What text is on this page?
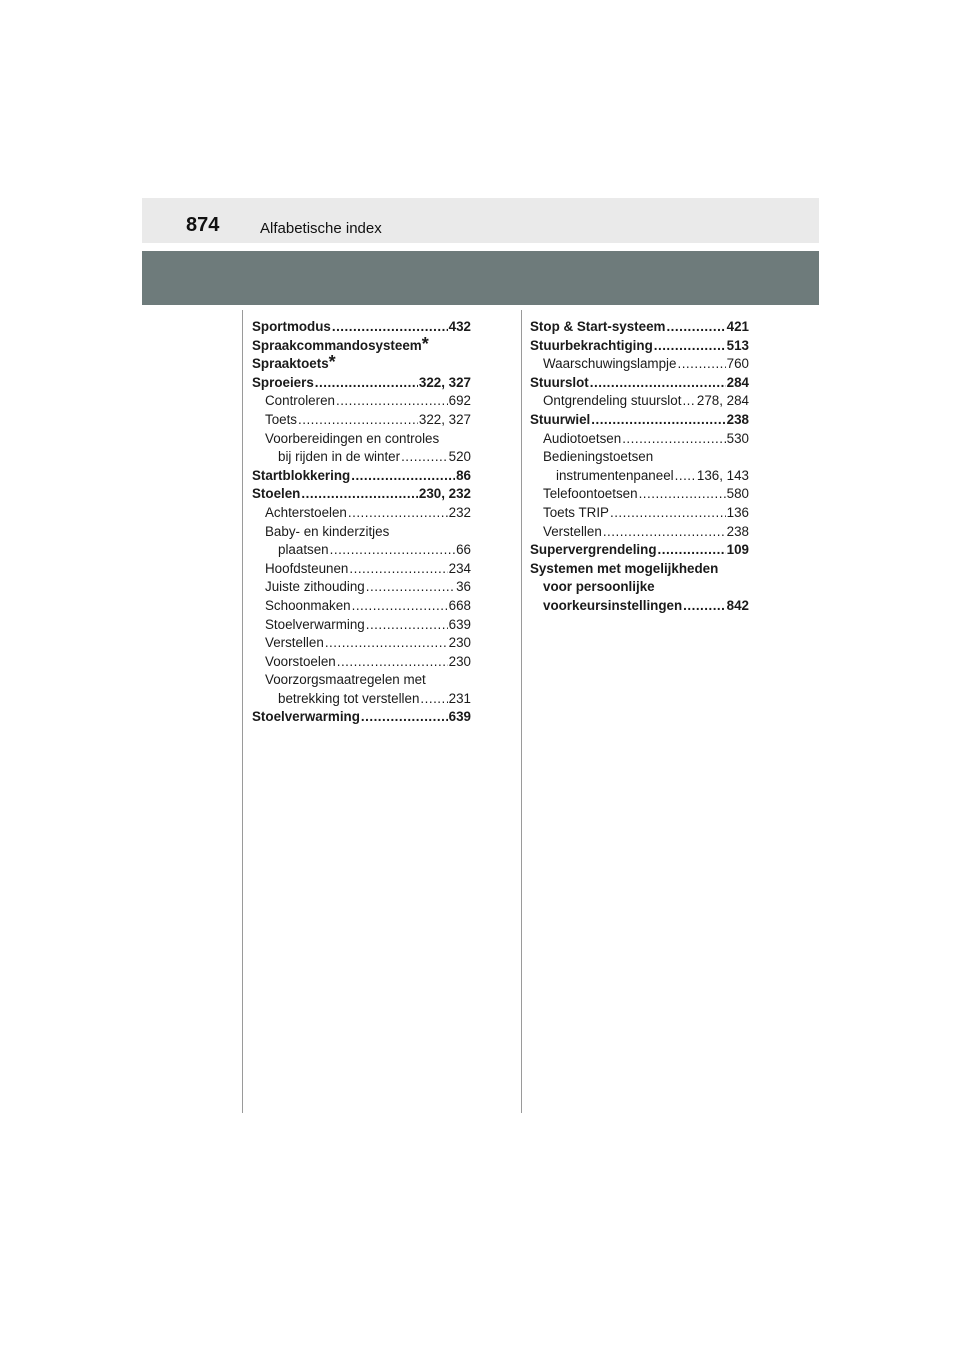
874	Alfabetische index
Sportmodus .....	432
Spraakcommandosysteem *
Spraaktoets *
Sproeiers .....	322, 327
Controleren .....	692
Toets .....	322, 327
Voorbereidingen en controles
bij rijden in de winter .....	520
Startblokkering .....	86
Stoelen .....	230, 232
Achterstoelen .....	232
Baby- en kinderzitjes
plaatsen .....	66
Hoofdsteunen .....	234
Juiste zithouding .....	36
Schoonmaken .....	668
Stoelverwarming .....	639
Verstellen .....	230
Voorstoelen .....	230
Voorzorgsmaatregelen met
betrekking tot verstellen ..... 231
Stoelverwarming .....	639
Stop & Start-systeem .....	421
Stuurbekrachtiging .....	513
Waarschuwingslampje .....	760
Stuurslot .....	284
Ontgrendeling stuurslot ..... 278, 284
Stuurwiel .....	238
Audiotoetsen .....	530
Bedieningstoetsen
instrumentenpaneel ..... 136, 143
Telefoontoetsen .....	580
Toets TRIP .....	136
Verstellen .....	238
Supervergrendeling .....	109
Systemen met mogelijkheden
voor persoonlijke
voorkeursinstellingen .....	842
